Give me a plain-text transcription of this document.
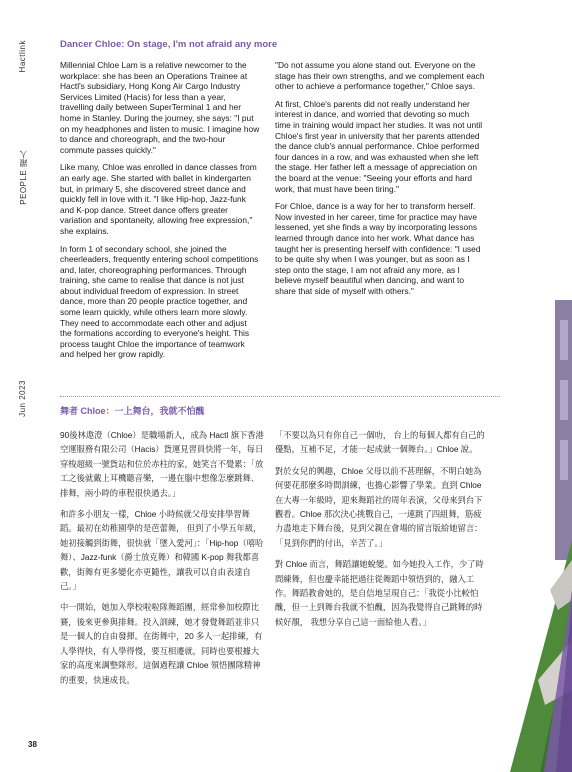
Hactlink
PEOPLE 躍人
Jun 2023
Dancer Chloe: On stage, I'm not afraid any more

Millennial Chloe Lam is a relative newcomer to the workplace: she has been an Operations Trainee at Hactl's subsidiary, Hong Kong Air Cargo Industry Services Limited (Hacis) for less than a year, travelling daily between SuperTerminal 1 and her home in Stanley. During the journey, she says: "I put on my headphones and listen to music. I imagine how to dance and choreograph, and the two-hour commute passes quickly."

Like many, Chloe was enrolled in dance classes from an early age. She started with ballet in kindergarten but, in primary 5, she discovered street dance and quickly fell in love with it. "I like Hip-hop, Jazz-funk and K-pop dance. Street dance offers greater variation and spontaneity, allowing free expression," she explains.

In form 1 of secondary school, she joined the cheerleaders, frequently entering school competitions and, later, choreographing performances. Through training, she came to realise that dance is not just about individual freedom of expression. In street dance, more than 20 people practice together, and some learn quickly, while others learn more slowly. They need to accommodate each other and adjust the formations according to everyone's height. This process taught Chloe the importance of teamwork and helped her grow rapidly.

"Do not assume you alone stand out. Everyone on the stage has their own strengths, and we complement each other to achieve a performance together," Chloe says.

At first, Chloe's parents did not really understand her interest in dance, and worried that devoting so much time in training would impact her studies. It was not until Chloe's first year in university that her parents attended the dance club's annual performance. Chloe performed four dances in a row, and was exhausted when she left the stage. Her father left a message of appreciation on the board at the venue: "Seeing your efforts and hard work, that must have been tiring."

For Chloe, dance is a way for her to transform herself. Now invested in her career, time for practice may have lessened, yet she finds a way by incorporating lessons learned through dance into her work. What dance has taught her is presenting herself with confidence: "I used to be quite shy when I was younger, but as soon as I step onto the stage, I am not afraid any more, as I believe myself beautiful when dancing, and want to share that side of myself with others."

舞者 Chloe：一上舞台，我就不怕醜

90後林遨澄（Chloe）是職場新人，成為 Hactl 旗下香港空運服務有限公司（Hacis）貨運見習員快將一年，每日穿梭超級一號貨站和位於赤柱的家，她笑言不覺累：「放工之後就戴上耳機聽音樂，一邊在腦中想像怎麼跳舞、排舞，兩小時的車程很快過去。」

和許多小朋友一樣，Chloe 小時候就父母安排學習舞蹈。最初在幼稚園學的是芭蕾舞， 但到了小學五年級，她初接觸到街舞，很快就「墜入愛河」：「Hip-hop（嘻哈舞）、Jazz-funk（爵士放克舞）和韓國 K-pop 舞我都喜歡，街舞有更多變化亦更隨性，讓我可以自由表達自己。」

中一開始，她加入學校啦啦隊舞蹈團，經常參加校際比賽，後來更參與排舞。投入訓練，她才發覺舞蹈並非只是一個人的自由發揮。在街舞中，20 多人一起排練，有人學得快，有人學得慢，要互相遷就，同時也要根據大家的高度來調整隊形。這個過程讓 Chloe 領悟團隊精神的重要，快速成長。

「不要以為只有你自己一個叻， 台上的每個人都有自己的優點，互補不足，才能一起成就一個舞台。」Chloe 說。

對於女兒的興趣，Chloe 父母以前不甚理解，不明白她為何要花那麼多時間訓練，也擔心影響了學業。直到 Chloe 在大專一年級時，迎來舞蹈社的周年表演，父母來到台下觀看。Chloe 那次決心挑戰自己，一連跳了四組舞，筋疲力盡地走下舞台後，見到父親在會場的留言版給她留言：「見到你們的付出，辛苦了。」

對 Chloe 而言，舞蹈讓她蛻變。如今她投入工作，少了時間練舞，但也慶幸能把過往從舞蹈中領悟到的，融入工作。舞蹈教會她的，是自信地呈現自己：「我從小比較怕醜，但一上到舞台我就不怕醜，因為我覺得自己跳舞的時候好靚， 我想分享自己這一面給他人看。」

38
